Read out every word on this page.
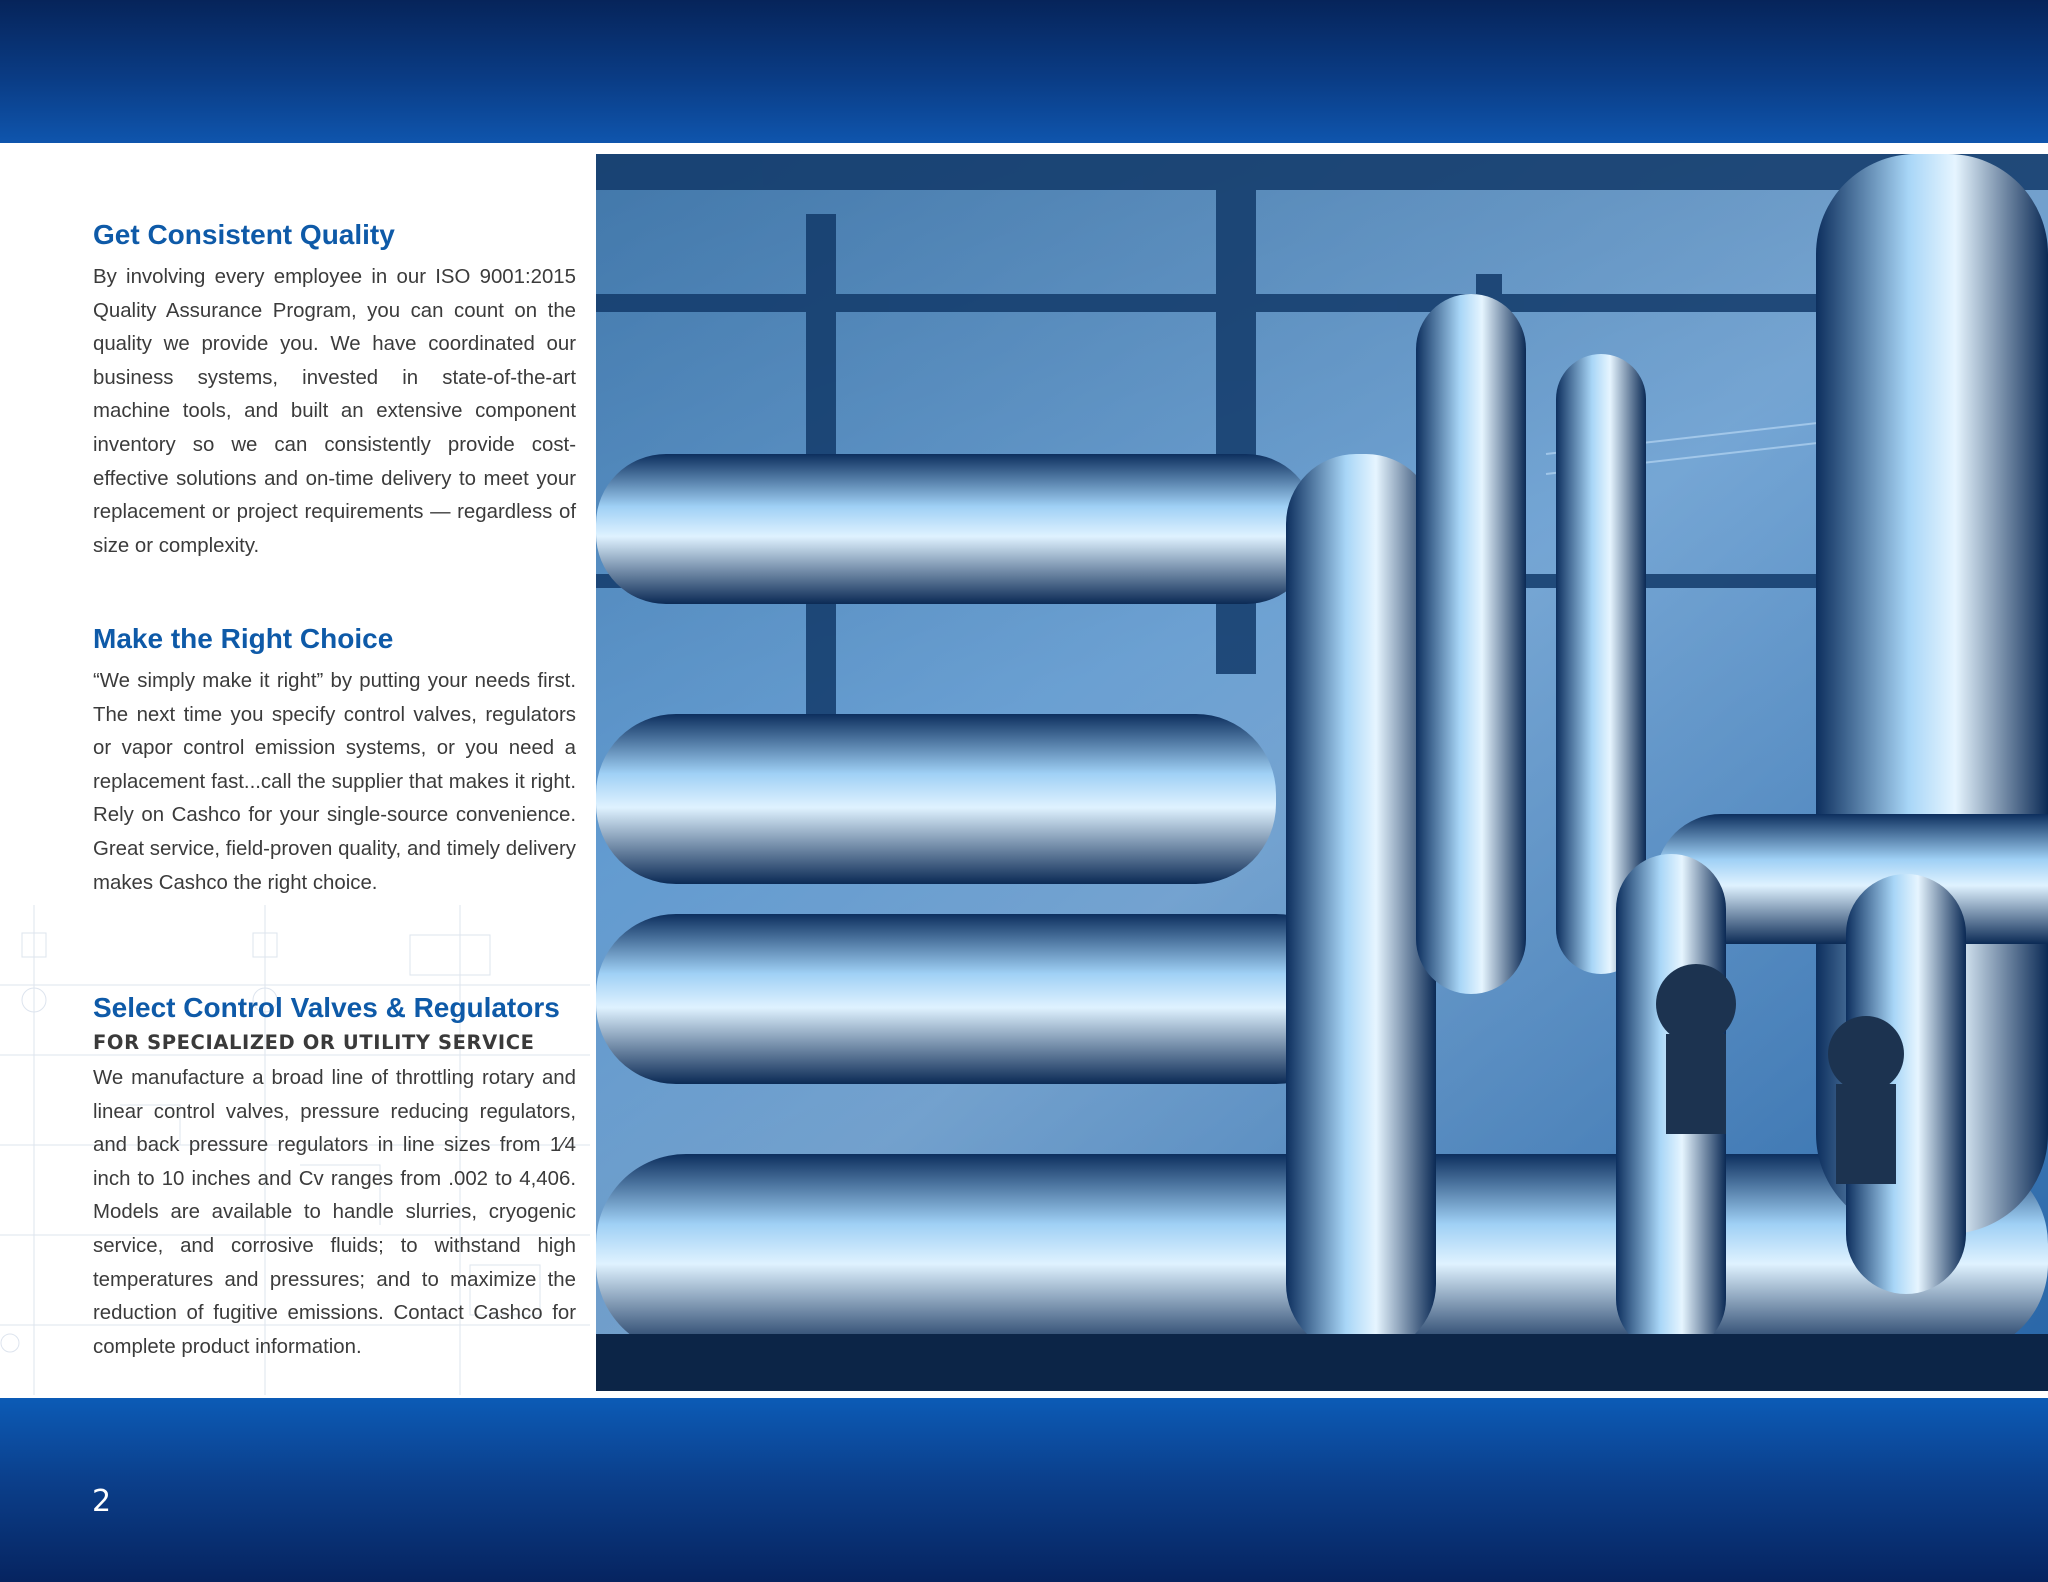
Get Consistent Quality

By involving every employee in our ISO 9001:2015 Quality Assurance Program, you can count on the quality we provide you. We have coordinated our business systems, invested in state-of-the-art machine tools, and built an extensive component inventory so we can consistently provide cost-effective solutions and on-time delivery to meet your replacement or project requirements — regardless of size or complexity.

Make the Right Choice

“We simply make it right” by putting your needs first. The next time you specify control valves, regulators or vapor control emission systems, or you need a replacement fast...call the supplier that makes it right. Rely on Cashco for your single-source convenience. Great service, field-proven quality, and timely delivery makes Cashco the right choice.

Select Control Valves & Regulators
FOR SPECIALIZED OR UTILITY SERVICE

We manufacture a broad line of throttling rotary and linear control valves, pressure reducing regulators, and back pressure regulators in line sizes from 1⁄4 inch to 10 inches and Cv ranges from .002 to 4,406. Models are available to handle slurries, cryogenic service, and corrosive fluids; to withstand high temperatures and pressures; and to maximize the reduction of fugitive emissions. Contact Cashco for complete product information.

2
